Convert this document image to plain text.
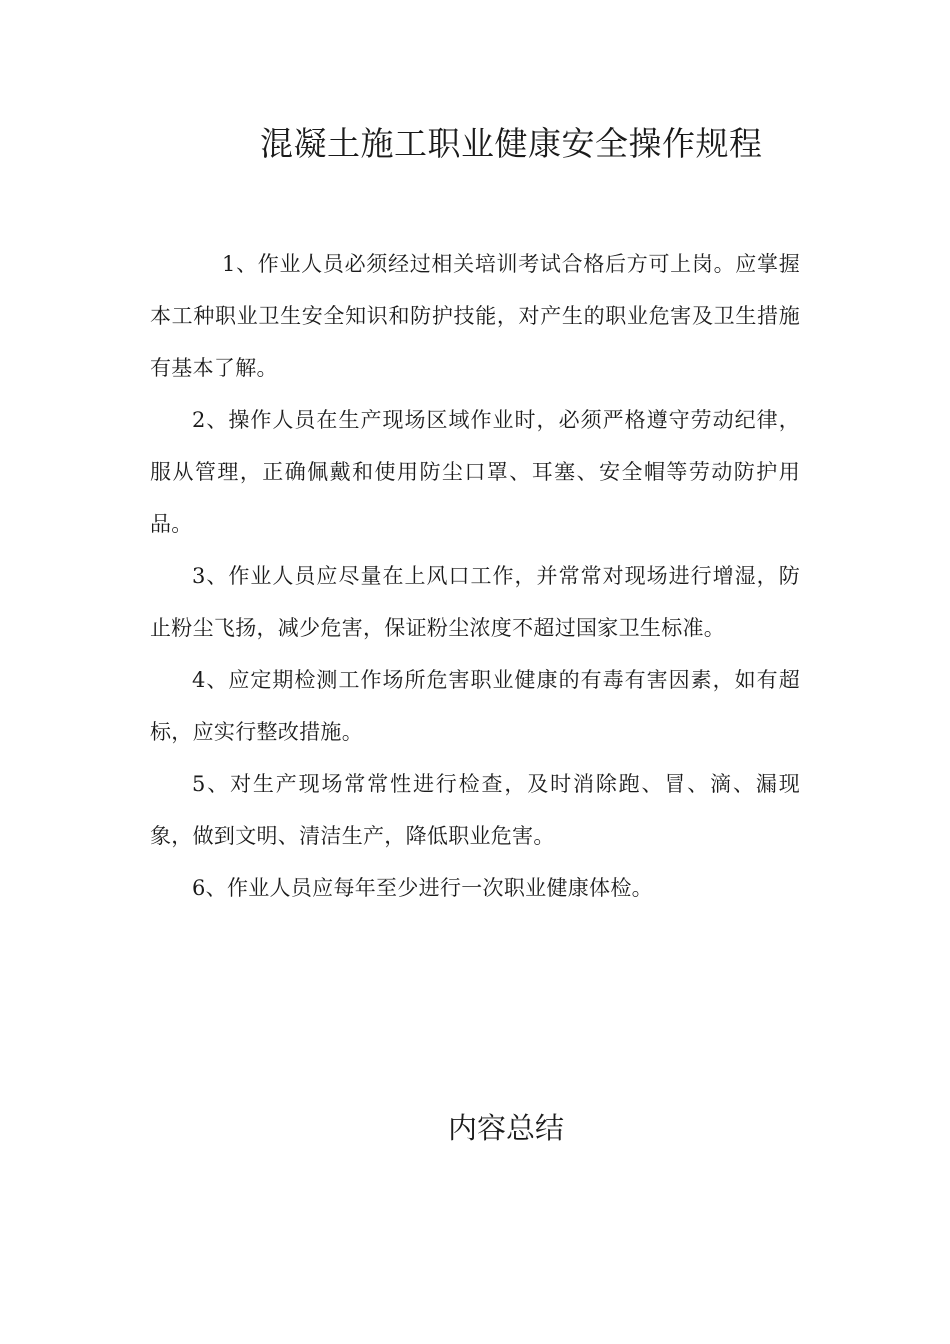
混凝土施工职业健康安全操作规程

1、作业人员必须经过相关培训考试合格后方可上岗。应掌握本工种职业卫生安全知识和防护技能，对产生的职业危害及卫生措施有基本了解。

2、操作人员在生产现场区域作业时，必须严格遵守劳动纪律，服从管理，正确佩戴和使用防尘口罩、耳塞、安全帽等劳动防护用品。

3、作业人员应尽量在上风口工作，并常常对现场进行增湿，防止粉尘飞扬，减少危害，保证粉尘浓度不超过国家卫生标准。

4、应定期检测工作场所危害职业健康的有毒有害因素，如有超标，应实行整改措施。

5、对生产现场常常性进行检查，及时消除跑、冒、滴、漏现象，做到文明、清洁生产，降低职业危害。

6、作业人员应每年至少进行一次职业健康体检。

内容总结
